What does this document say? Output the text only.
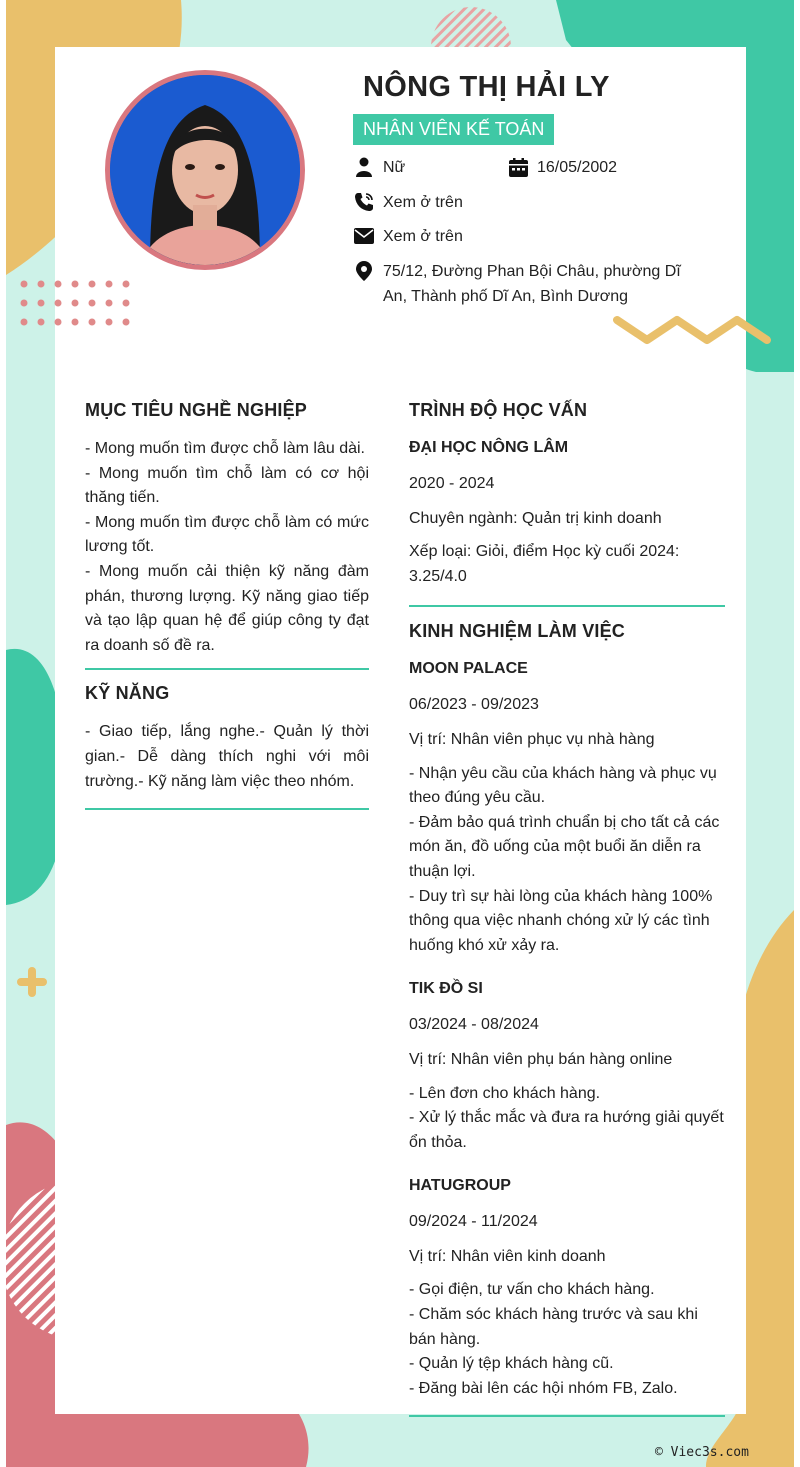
NÔNG THỊ HẢI LY
NHÂN VIÊN KẾ TOÁN
Nữ	16/05/2002
Xem ở trên
Xem ở trên
75/12, Đường Phan Bội Châu, phường Dĩ
An, Thành phố Dĩ An, Bình Dương
MỤC TIÊU NGHỀ NGHIỆP
- Mong muốn tìm được chỗ làm lâu dài.
- Mong muốn tìm chỗ làm có cơ hội thăng tiến.
- Mong muốn tìm được chỗ làm có mức lương tốt.
- Mong muốn cải thiện kỹ năng đàm phán, thương lượng. Kỹ năng giao tiếp và tạo lập quan hệ để giúp công ty đạt ra doanh số đề ra.
KỸ NĂNG
- Giao tiếp, lắng nghe.- Quản lý thời gian.- Dễ dàng thích nghi với môi trường.- Kỹ năng làm việc theo nhóm.
TRÌNH ĐỘ HỌC VẤN
ĐẠI HỌC NÔNG LÂM
2020 - 2024
Chuyên ngành: Quản trị kinh doanh
Xếp loại: Giỏi, điểm Học kỳ cuối 2024: 3.25/4.0
KINH NGHIỆM LÀM VIỆC
MOON PALACE
06/2023 - 09/2023
Vị trí: Nhân viên phục vụ nhà hàng
- Nhận yêu cầu của khách hàng và phục vụ theo đúng yêu cầu.
- Đảm bảo quá trình chuẩn bị cho tất cả các món ăn, đồ uống của một buổi ăn diễn ra thuận lợi.
- Duy trì sự hài lòng của khách hàng 100% thông qua việc nhanh chóng xử lý các tình huống khó xử xảy ra.
TIK ĐỒ SI
03/2024 - 08/2024
Vị trí: Nhân viên phụ bán hàng online
- Lên đơn cho khách hàng.
- Xử lý thắc mắc và đưa ra hướng giải quyết ổn thỏa.
HATUGROUP
09/2024 - 11/2024
Vị trí: Nhân viên kinh doanh
- Gọi điện, tư vấn cho khách hàng.
- Chăm sóc khách hàng trước và sau khi bán hàng.
- Quản lý tệp khách hàng cũ.
- Đăng bài lên các hội nhóm FB, Zalo.
© Viec3s.com
